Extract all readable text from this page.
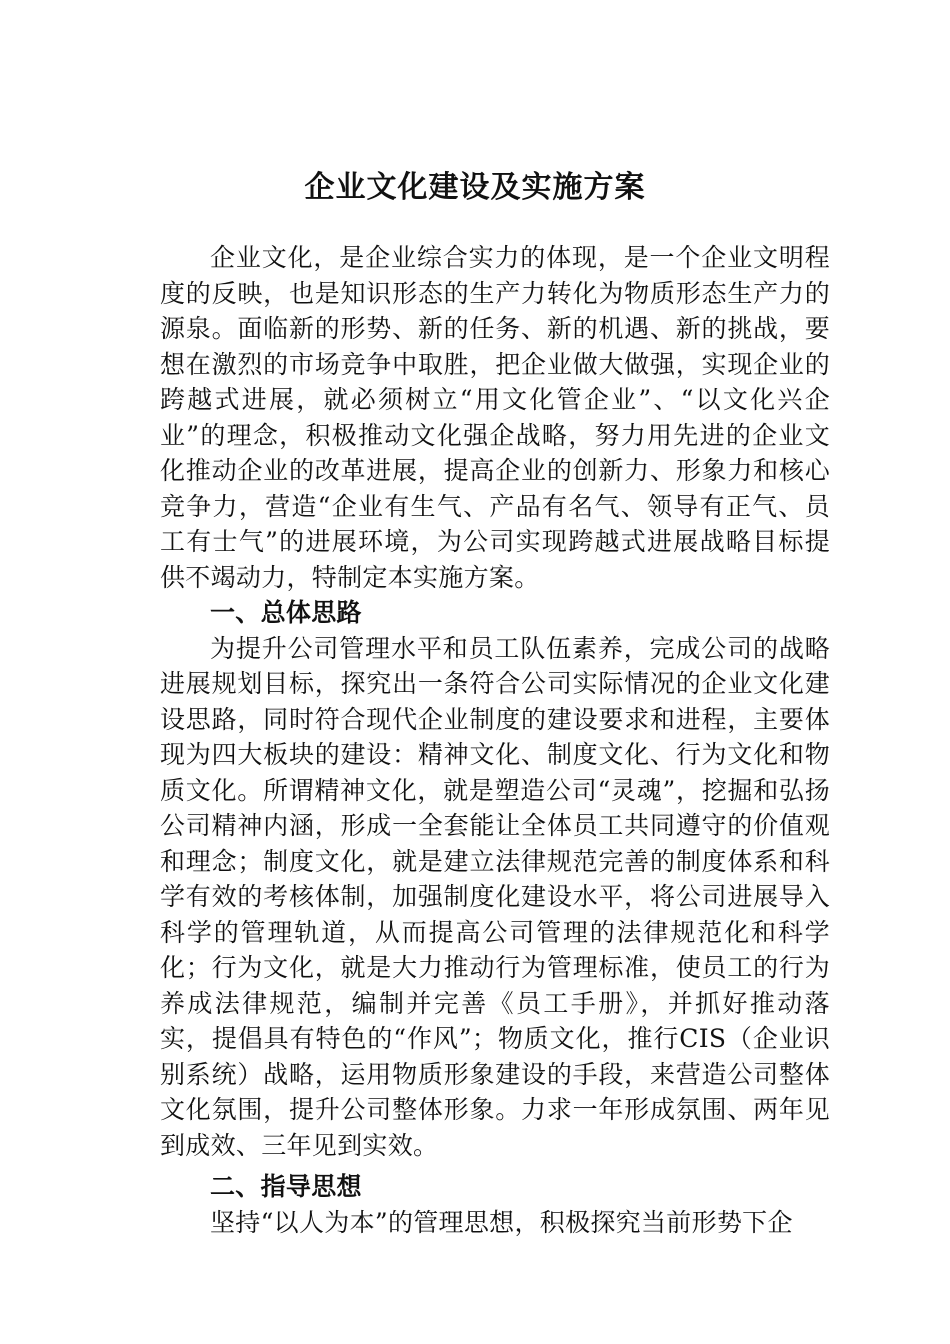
企业文化建设及实施方案

企业文化，是企业综合实力的体现，是一个企业文明程度的反映，也是知识形态的生产力转化为物质形态生产力的源泉。面临新的形势、新的任务、新的机遇、新的挑战，要想在激烈的市场竞争中取胜，把企业做大做强，实现企业的跨越式进展，就必须树立“用文化管企业”、“以文化兴企业”的理念，积极推动文化强企战略，努力用先进的企业文化推动企业的改革进展，提高企业的创新力、形象力和核心竞争力，营造“企业有生气、产品有名气、领导有正气、员工有士气”的进展环境，为公司实现跨越式进展战略目标提供不竭动力，特制定本实施方案。

一、总体思路

为提升公司管理水平和员工队伍素养，完成公司的战略进展规划目标，探究出一条符合公司实际情况的企业文化建设思路，同时符合现代企业制度的建设要求和进程，主要体现为四大板块的建设：精神文化、制度文化、行为文化和物质文化。所谓精神文化，就是塑造公司“灵魂”，挖掘和弘扬公司精神内涵，形成一全套能让全体员工共同遵守的价值观和理念；制度文化，就是建立法律规范完善的制度体系和科学有效的考核体制，加强制度化建设水平，将公司进展导入科学的管理轨道，从而提高公司管理的法律规范化和科学化；行为文化，就是大力推动行为管理标准，使员工的行为养成法律规范，编制并完善《员工手册》，并抓好推动落实，提倡具有特色的“作风”；物质文化，推行CIS（企业识别系统）战略，运用物质形象建设的手段，来营造公司整体文化氛围，提升公司整体形象。力求一年形成氛围、两年见到成效、三年见到实效。

二、指导思想

坚持“以人为本”的管理思想，积极探究当前形势下企
